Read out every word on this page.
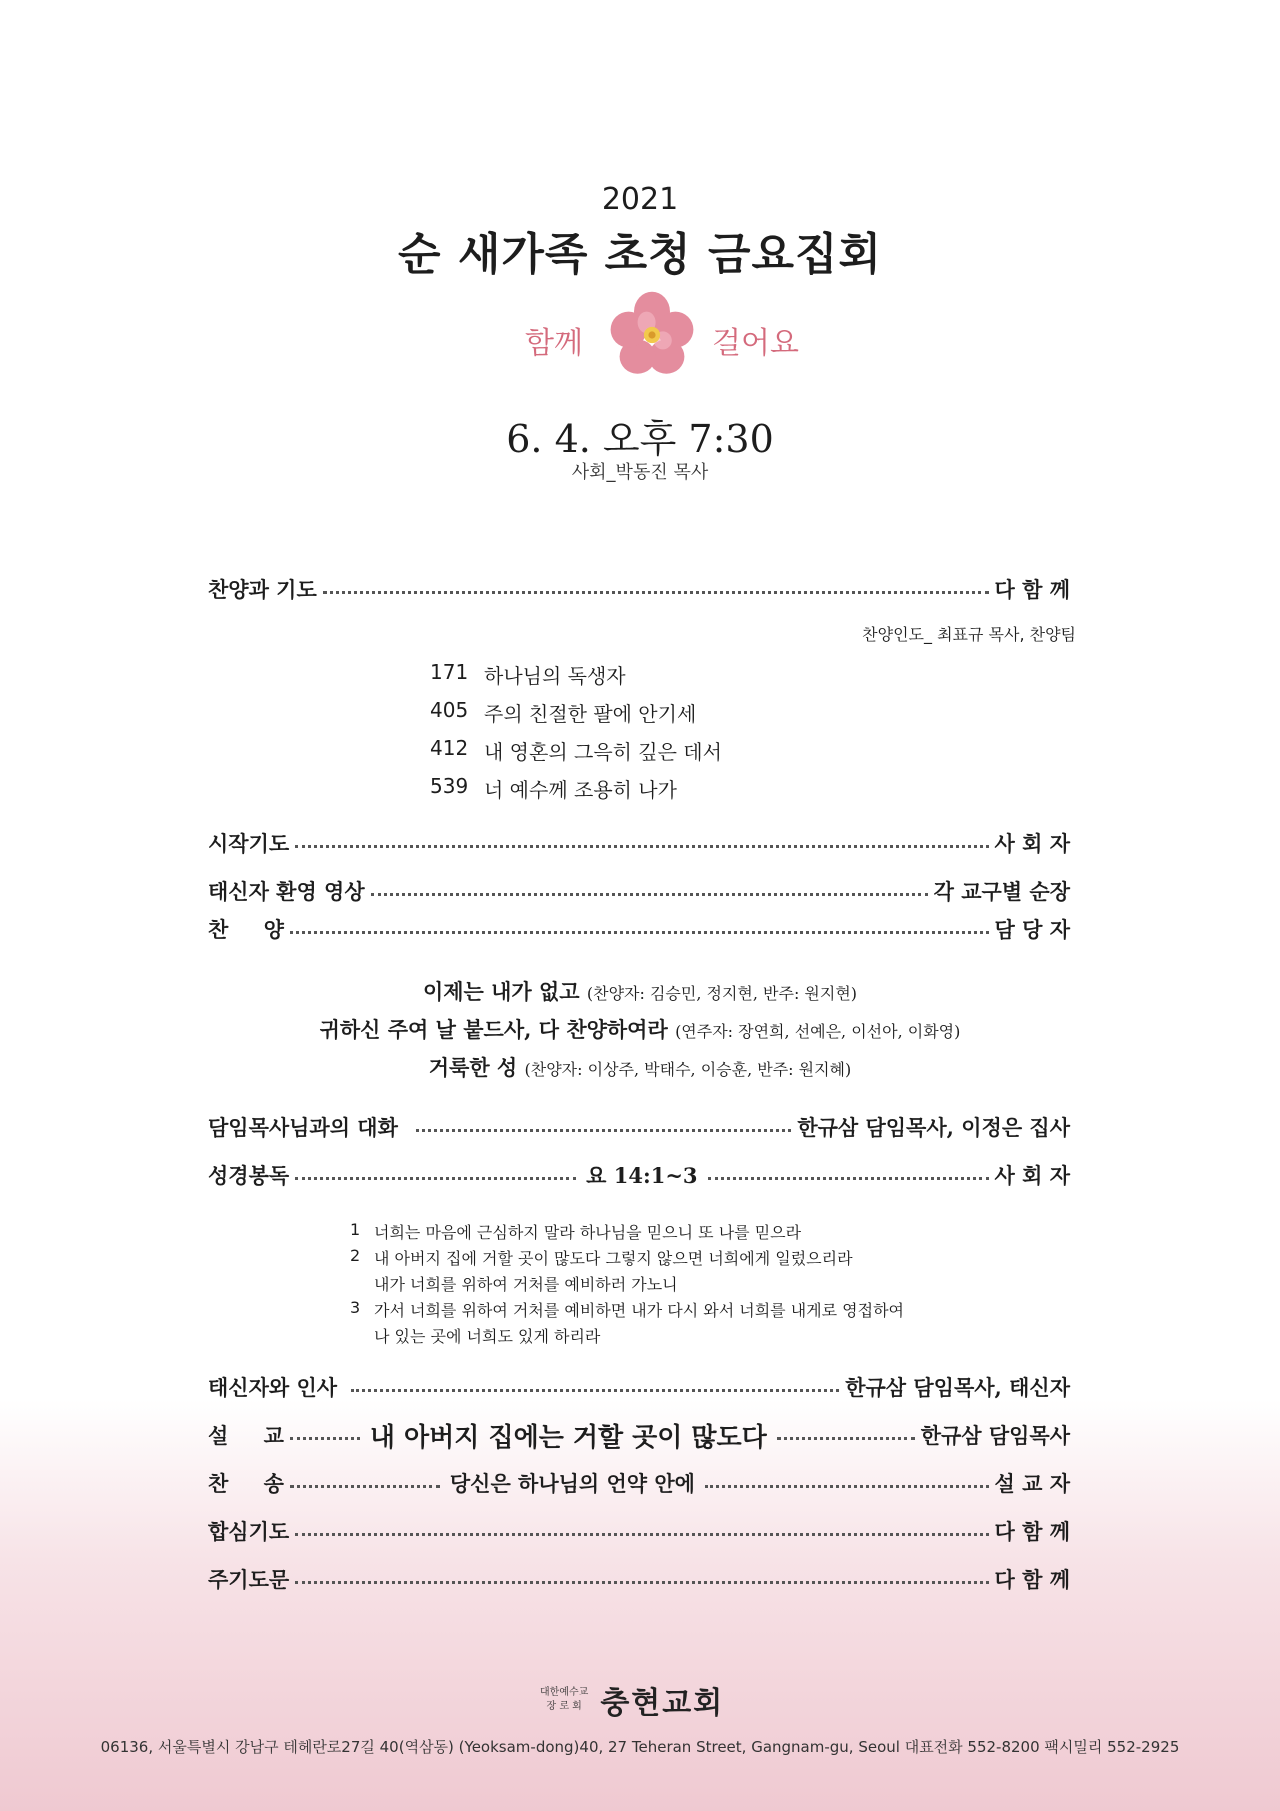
2021
순 새가족 초청 금요집회
함께	걸어요
6. 4. 오후 7:30
사회_박동진 목사
찬양과 기도	다 함 께
찬양인도_ 최표규 목사, 찬양팀
171 하나님의 독생자
405 주의 친절한 팔에 안기세
412 내 영혼의 그윽히 깊은 데서
539 너 예수께 조용히 나가
시작기도	사 회 자
태신자 환영 영상	각 교구별 순장
찬 양	담 당 자
이제는 내가 없고 (찬양자: 김승민, 정지현, 반주: 원지현)
귀하신 주여 날 붙드사, 다 찬양하여라 (연주자: 장연희, 선예은, 이선아, 이화영)
거룩한 성 (찬양자: 이상주, 박태수, 이승훈, 반주: 원지혜)
담임목사님과의 대화	한규삼 담임목사, 이정은 집사
성경봉독	요 14:1~3	사 회 자
1 너희는 마음에 근심하지 말라 하나님을 믿으니 또 나를 믿으라
2 내 아버지 집에 거할 곳이 많도다 그렇지 않으면 너희에게 일렀으리라
내가 너희를 위하여 거처를 예비하러 가노니
3 가서 너희를 위하여 거처를 예비하면 내가 다시 와서 너희를 내게로 영접하여
나 있는 곳에 너희도 있게 하리라
태신자와 인사	한규삼 담임목사, 태신자
설 교	내 아버지 집에는 거할 곳이 많도다	한규삼 담임목사
찬 송	당신은 하나님의 언약 안에	설 교 자
합심기도	다 함 께
주기도문	다 함 께
대한예수교
장 로 회 충현교회
06136, 서울특별시 강남구 테헤란로27길 40(역삼동) (Yeoksam-dong)40, 27 Teheran Street, Gangnam-gu, Seoul 대표전화 552-8200 팩시밀리 552-2925
